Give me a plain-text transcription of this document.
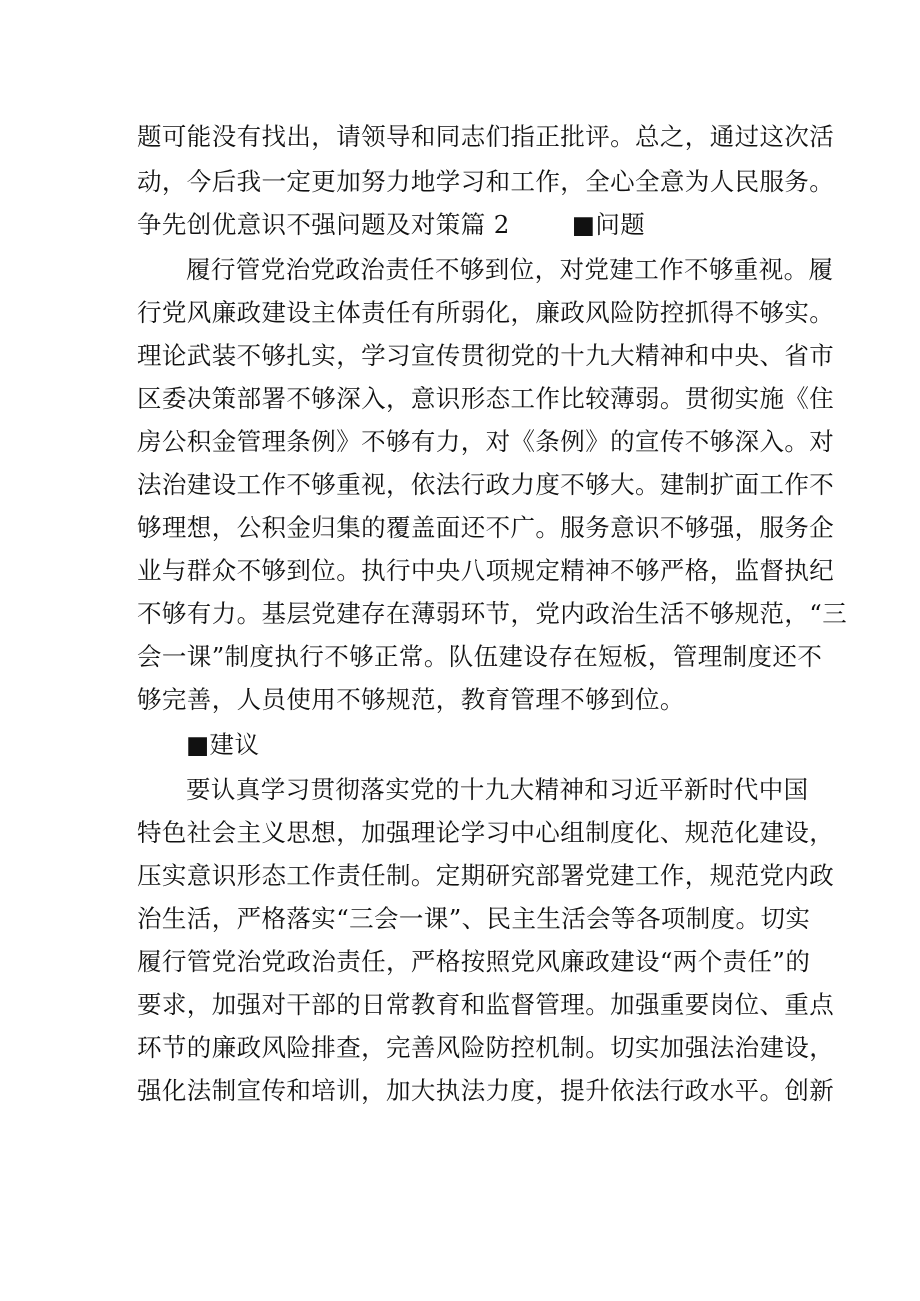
题可能没有找出，请领导和同志们指正批评。总之，通过这次活
动，今后我一定更加努力地学习和工作，全心全意为人民服务。
争先创优意识不强问题及对策篇 2	■问题
履行管党治党政治责任不够到位，对党建工作不够重视。履
行党风廉政建设主体责任有所弱化，廉政风险防控抓得不够实。
理论武装不够扎实，学习宣传贯彻党的十九大精神和中央、省市
区委决策部署不够深入，意识形态工作比较薄弱。贯彻实施《住
房公积金管理条例》不够有力，对《条例》的宣传不够深入。对
法治建设工作不够重视，依法行政力度不够大。建制扩面工作不
够理想，公积金归集的覆盖面还不广。服务意识不够强，服务企
业与群众不够到位。执行中央八项规定精神不够严格，监督执纪
不够有力。基层党建存在薄弱环节，党内政治生活不够规范，“三
会一课”制度执行不够正常。队伍建设存在短板，管理制度还不
够完善，人员使用不够规范，教育管理不够到位。
■建议
要认真学习贯彻落实党的十九大精神和习近平新时代中国
特色社会主义思想，加强理论学习中心组制度化、规范化建设，
压实意识形态工作责任制。定期研究部署党建工作，规范党内政
治生活，严格落实“三会一课”、民主生活会等各项制度。切实
履行管党治党政治责任，严格按照党风廉政建设“两个责任”的
要求，加强对干部的日常教育和监督管理。加强重要岗位、重点
环节的廉政风险排查，完善风险防控机制。切实加强法治建设，
强化法制宣传和培训，加大执法力度，提升依法行政水平。创新
